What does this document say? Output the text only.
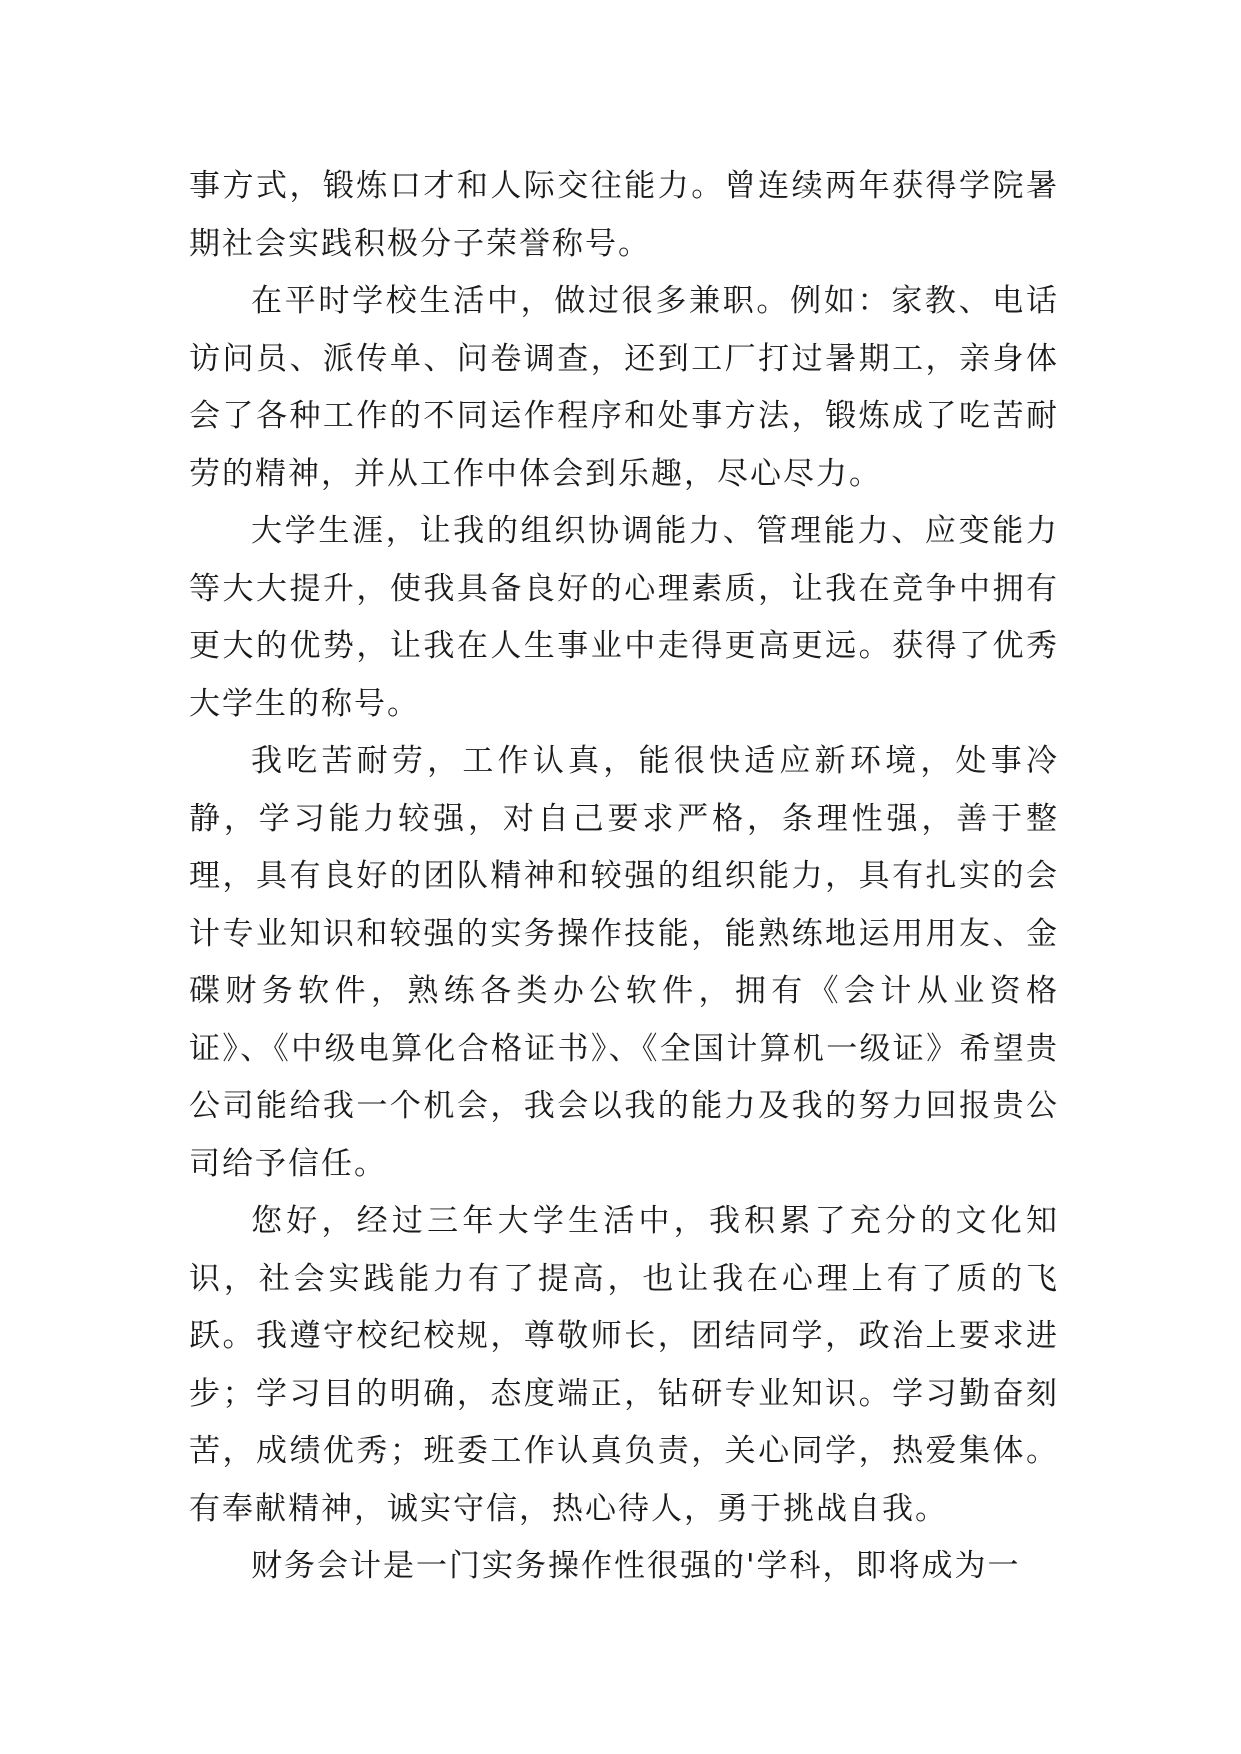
事方式，锻炼口才和人际交往能力。曾连续两年获得学院暑期社会实践积极分子荣誉称号。

在平时学校生活中，做过很多兼职。例如：家教、电话访问员、派传单、问卷调查，还到工厂打过暑期工，亲身体会了各种工作的不同运作程序和处事方法，锻炼成了吃苦耐劳的精神，并从工作中体会到乐趣，尽心尽力。

大学生涯，让我的组织协调能力、管理能力、应变能力等大大提升，使我具备良好的心理素质，让我在竞争中拥有更大的优势，让我在人生事业中走得更高更远。获得了优秀大学生的称号。

我吃苦耐劳，工作认真，能很快适应新环境，处事冷静，学习能力较强，对自己要求严格，条理性强，善于整理，具有良好的团队精神和较强的组织能力，具有扎实的会计专业知识和较强的实务操作技能，能熟练地运用用友、金碟财务软件，熟练各类办公软件，拥有《会计从业资格证》、《中级电算化合格证书》、《全国计算机一级证》希望贵公司能给我一个机会，我会以我的能力及我的努力回报贵公司给予信任。

您好，经过三年大学生活中，我积累了充分的文化知识，社会实践能力有了提高，也让我在心理上有了质的飞跃。我遵守校纪校规，尊敬师长，团结同学，政治上要求进步；学习目的明确，态度端正，钻研专业知识。学习勤奋刻苦，成绩优秀；班委工作认真负责，关心同学，热爱集体。有奉献精神，诚实守信，热心待人，勇于挑战自我。

财务会计是一门实务操作性很强的'学科，即将成为一
